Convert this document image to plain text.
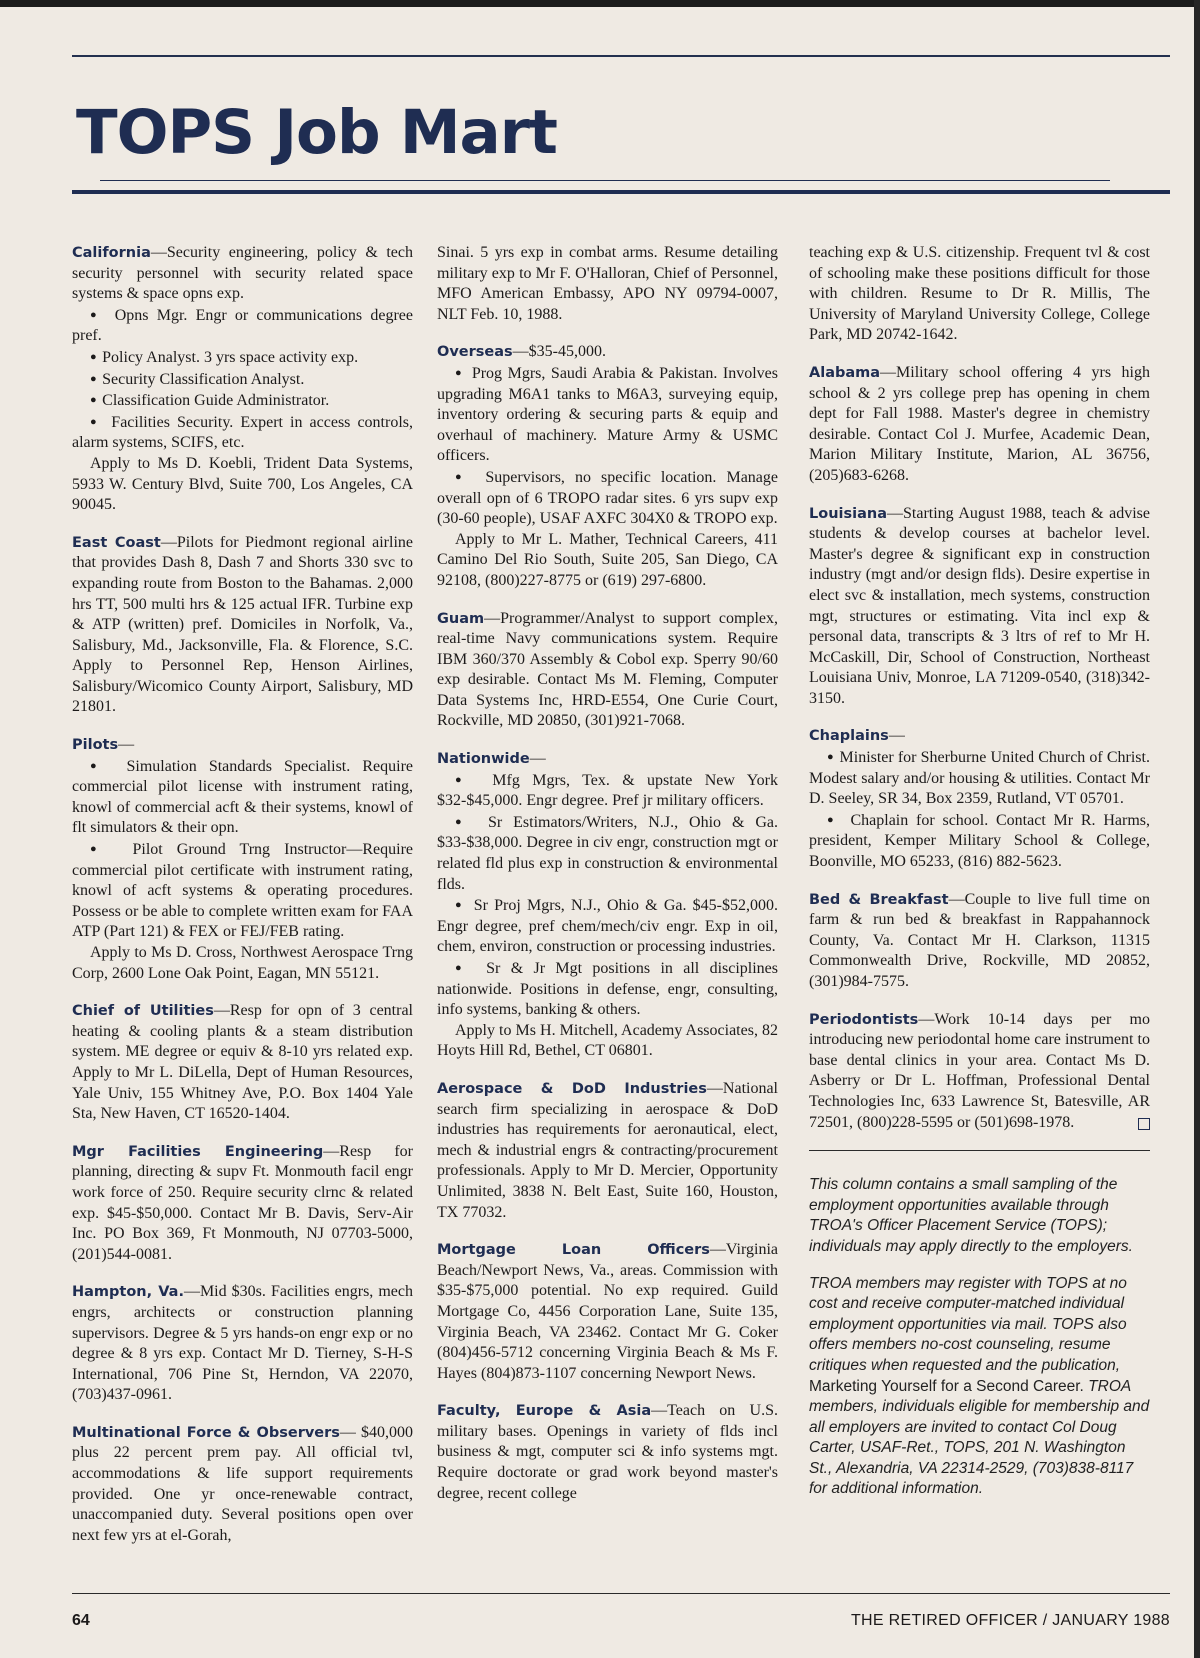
TOPS Job Mart

California—Security engineering, policy & tech security personnel with security related space systems & space opns exp.

●  Opns Mgr. Engr or communications degree pref.

●  Policy Analyst. 3 yrs space activity exp.

●  Security Classification Analyst.

●  Classification Guide Administrator.

●  Facilities Security. Expert in access controls, alarm systems, SCIFS, etc.

Apply to Ms D. Koebli, Trident Data Systems, 5933 W. Century Blvd, Suite 700, Los Angeles, CA 90045.

East Coast—Pilots for Piedmont regional airline that provides Dash 8, Dash 7 and Shorts 330 svc to expanding route from Boston to the Bahamas. 2,000 hrs TT, 500 multi hrs & 125 actual IFR. Turbine exp & ATP (written) pref. Domiciles in Norfolk, Va., Salisbury, Md., Jacksonville, Fla. & Florence, S.C. Apply to Personnel Rep, Henson Airlines, Salisbury/Wicomico County Airport, Salisbury, MD 21801.

Pilots—

●  Simulation Standards Specialist. Require commercial pilot license with instrument rating, knowl of commercial acft & their systems, knowl of flt simulators & their opn.

●  Pilot Ground Trng Instructor—Require commercial pilot certificate with instrument rating, knowl of acft systems & operating procedures. Possess or be able to complete written exam for FAA ATP (Part 121) & FEX or FEJ/FEB rating.

Apply to Ms D. Cross, Northwest Aerospace Trng Corp, 2600 Lone Oak Point, Eagan, MN 55121.

Chief of Utilities—Resp for opn of 3 central heating & cooling plants & a steam distribution system. ME degree or equiv & 8-10 yrs related exp. Apply to Mr L. DiLella, Dept of Human Resources, Yale Univ, 155 Whitney Ave, P.O. Box 1404 Yale Sta, New Haven, CT 16520-1404.

Mgr Facilities Engineering—Resp for planning, directing & supv Ft. Monmouth facil engr work force of 250. Require security clrnc & related exp. $45-$50,000. Contact Mr B. Davis, Serv-Air Inc. PO Box 369, Ft Monmouth, NJ 07703-5000, (201)544-0081.

Hampton, Va.—Mid $30s. Facilities engrs, mech engrs, architects or construction planning supervisors. Degree & 5 yrs hands-on engr exp or no degree & 8 yrs exp. Contact Mr D. Tierney, S-H-S International, 706 Pine St, Herndon, VA 22070, (703)437-0961.

Multinational Force & Observers— $40,000 plus 22 percent prem pay. All official tvl, accommodations & life support requirements provided. One yr once-renewable contract, unaccompanied duty. Several positions open over next few yrs at el-Gorah,

Sinai. 5 yrs exp in combat arms. Resume detailing military exp to Mr F. O'Halloran, Chief of Personnel, MFO American Embassy, APO NY 09794-0007, NLT Feb. 10, 1988.

Overseas—$35-45,000.

●  Prog Mgrs, Saudi Arabia & Pakistan. Involves upgrading M6A1 tanks to M6A3, surveying equip, inventory ordering & securing parts & equip and overhaul of machinery. Mature Army & USMC officers.

●  Supervisors, no specific location. Manage overall opn of 6 TROPO radar sites. 6 yrs supv exp (30-60 people), USAF AXFC 304X0 & TROPO exp.

Apply to Mr L. Mather, Technical Careers, 411 Camino Del Rio South, Suite 205, San Diego, CA 92108, (800)227-8775 or (619) 297-6800.

Guam—Programmer/Analyst to support complex, real-time Navy communications system. Require IBM 360/370 Assembly & Cobol exp. Sperry 90/60 exp desirable. Contact Ms M. Fleming, Computer Data Systems Inc, HRD-E554, One Curie Court, Rockville, MD 20850, (301)921-7068.

Nationwide—

●  Mfg Mgrs, Tex. & upstate New York $32-$45,000. Engr degree. Pref jr military officers.

●  Sr Estimators/Writers, N.J., Ohio & Ga. $33-$38,000. Degree in civ engr, construction mgt or related fld plus exp in construction & environmental flds.

●  Sr Proj Mgrs, N.J., Ohio & Ga. $45-$52,000. Engr degree, pref chem/mech/civ engr. Exp in oil, chem, environ, construction or processing industries.

●  Sr & Jr Mgt positions in all disciplines nationwide. Positions in defense, engr, consulting, info systems, banking & others.

Apply to Ms H. Mitchell, Academy Associates, 82 Hoyts Hill Rd, Bethel, CT 06801.

Aerospace & DoD Industries—National search firm specializing in aerospace & DoD industries has requirements for aeronautical, elect, mech & industrial engrs & contracting/procurement professionals. Apply to Mr D. Mercier, Opportunity Unlimited, 3838 N. Belt East, Suite 160, Houston, TX 77032.

Mortgage Loan Officers—Virginia Beach/Newport News, Va., areas. Commission with $35-$75,000 potential. No exp required. Guild Mortgage Co, 4456 Corporation Lane, Suite 135, Virginia Beach, VA 23462. Contact Mr G. Coker (804)456-5712 concerning Virginia Beach & Ms F. Hayes (804)873-1107 concerning Newport News.

Faculty, Europe & Asia—Teach on U.S. military bases. Openings in variety of flds incl business & mgt, computer sci & info systems mgt. Require doctorate or grad work beyond master's degree, recent college

teaching exp & U.S. citizenship. Frequent tvl & cost of schooling make these positions difficult for those with children. Resume to Dr R. Millis, The University of Maryland University College, College Park, MD 20742-1642.

Alabama—Military school offering 4 yrs high school & 2 yrs college prep has opening in chem dept for Fall 1988. Master's degree in chemistry desirable. Contact Col J. Murfee, Academic Dean, Marion Military Institute, Marion, AL 36756, (205)683-6268.

Louisiana—Starting August 1988, teach & advise students & develop courses at bachelor level. Master's degree & significant exp in construction industry (mgt and/or design flds). Desire expertise in elect svc & installation, mech systems, construction mgt, structures or estimating. Vita incl exp & personal data, transcripts & 3 ltrs of ref to Mr H. McCaskill, Dir, School of Construction, Northeast Louisiana Univ, Monroe, LA 71209-0540, (318)342-3150.

Chaplains—

●  Minister for Sherburne United Church of Christ. Modest salary and/or housing & utilities. Contact Mr D. Seeley, SR 34, Box 2359, Rutland, VT 05701.

●  Chaplain for school. Contact Mr R. Harms, president, Kemper Military School & College, Boonville, MO 65233, (816) 882-5623.

Bed & Breakfast—Couple to live full time on farm & run bed & breakfast in Rappahannock County, Va. Contact Mr H. Clarkson, 11315 Commonwealth Drive, Rockville, MD 20852, (301)984-7575.

Periodontists—Work 10-14 days per mo introducing new periodontal home care instrument to base dental clinics in your area. Contact Ms D. Asberry or Dr L. Hoffman, Professional Dental Technologies Inc, 633 Lawrence St, Batesville, AR 72501, (800)228-5595 or (501)698-1978.

This column contains a small sampling of the employment opportunities available through TROA's Officer Placement Service (TOPS); individuals may apply directly to the employers.

TROA members may register with TOPS at no cost and receive computer-matched individual employment opportunities via mail. TOPS also offers members no-cost counseling, resume critiques when requested and the publication, Marketing Yourself for a Second Career. TROA members, individuals eligible for membership and all employers are invited to contact Col Doug Carter, USAF-Ret., TOPS, 201 N. Washington St., Alexandria, VA 22314-2529, (703)838-8117 for additional information.

64	THE RETIRED OFFICER / JANUARY 1988
